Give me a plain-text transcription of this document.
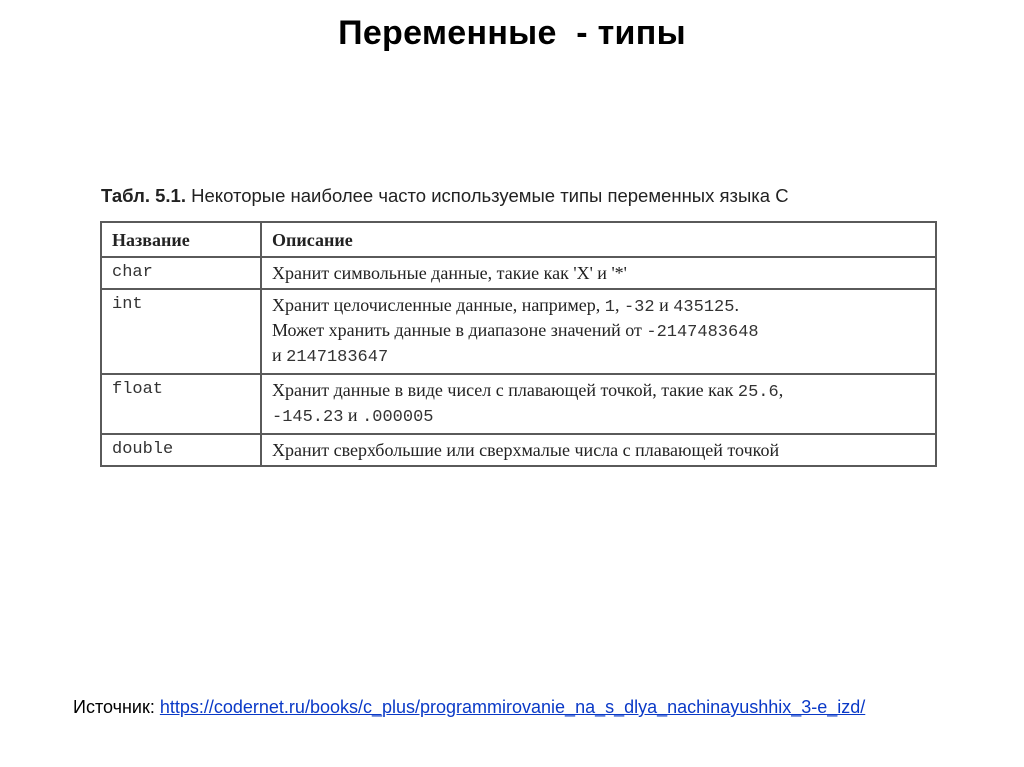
Переменные  - типы
Табл. 5.1. Некоторые наиболее часто используемые типы переменных языка С
Название	Описание
char	Хранит символьные данные, такие как 'X' и '*'

int	Хранит целочисленные данные, например, 1, -32 и 435125.
Может хранить данные в диапазоне значений от -2147483648
и 2147183647

float	Хранит данные в виде чисел с плавающей точкой, такие как 25.6,
-145.23 и .000005

double	Хранит сверхбольшие или сверхмалые числа с плавающей точкой
Источник: https://codernet.ru/books/c_plus/programmirovanie_na_s_dlya_nachinayushhix_3-e_izd/
